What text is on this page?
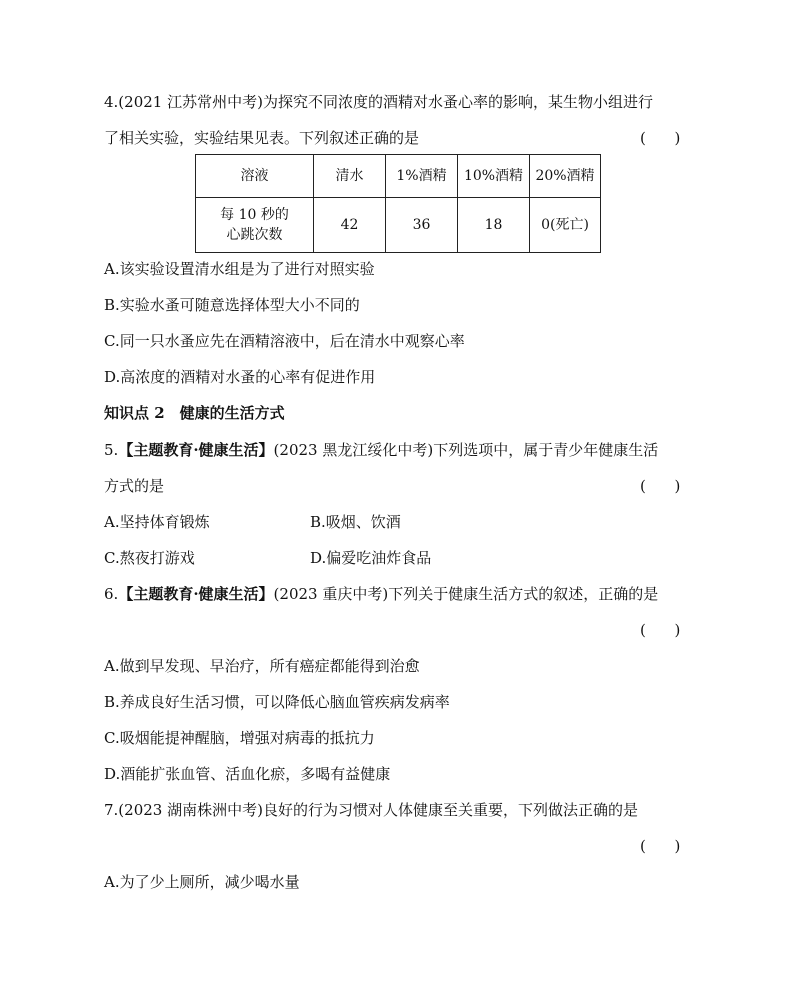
4.(2021 江苏常州中考)为探究不同浓度的酒精对水蚤心率的影响，某生物小组进行
了相关实验，实验结果见表。下列叙述正确的是	(      )
溶液	清水	1%酒精	10%酒精	20%酒精

每 10 秒的
心跳次数	42	36	18	0(死亡)
A.该实验设置清水组是为了进行对照实验
B.实验水蚤可随意选择体型大小不同的
C.同一只水蚤应先在酒精溶液中，后在清水中观察心率
D.高浓度的酒精对水蚤的心率有促进作用
知识点 2　健康的生活方式
5.【主题教育·健康生活】(2023 黑龙江绥化中考)下列选项中，属于青少年健康生活
方式的是	(      )
A.坚持体育锻炼	B.吸烟、饮酒
C.熬夜打游戏	D.偏爱吃油炸食品
6.【主题教育·健康生活】(2023 重庆中考)下列关于健康生活方式的叙述，正确的是
(      )
A.做到早发现、早治疗，所有癌症都能得到治愈
B.养成良好生活习惯，可以降低心脑血管疾病发病率
C.吸烟能提神醒脑，增强对病毒的抵抗力
D.酒能扩张血管、活血化瘀，多喝有益健康
7.(2023 湖南株洲中考)良好的行为习惯对人体健康至关重要，下列做法正确的是
(      )
A.为了少上厕所，减少喝水量
